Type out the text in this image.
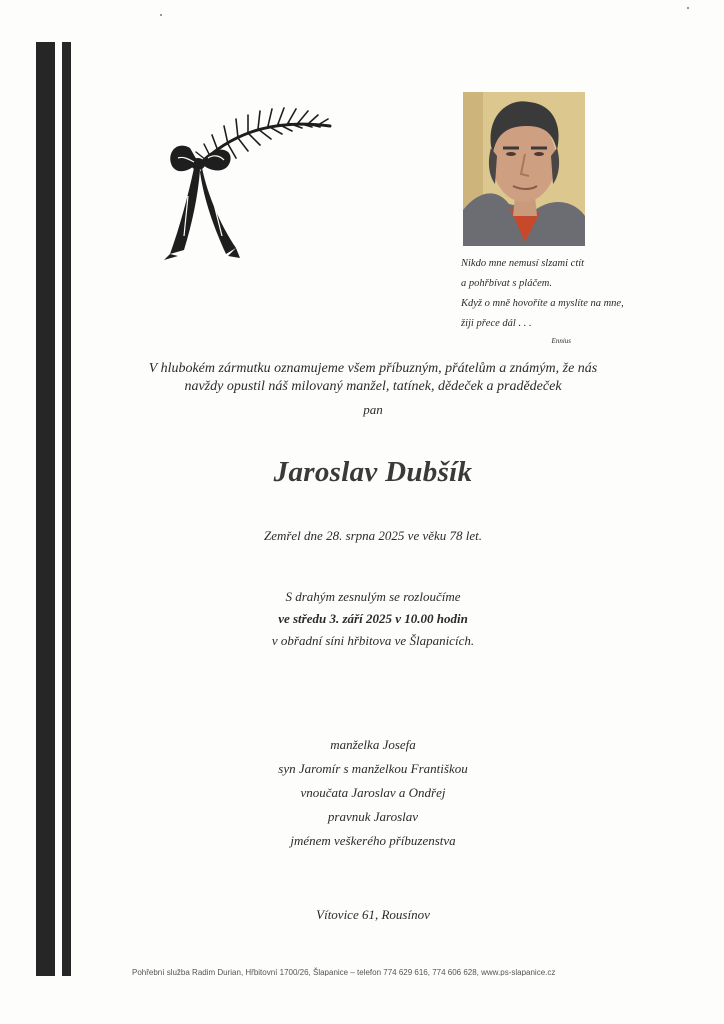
Nikdo mne nemusí slzami ctít
a pohřbívat s pláčem.
Když o mně hovoříte a myslíte na mne,
žiji přece dál . . .
Ennius
V hlubokém zármutku oznamujeme všem příbuzným, přátelům a známým, že nás
navždy opustil náš milovaný manžel, tatínek, dědeček a pradědeček
pan
Jaroslav Dubšík
Zemřel dne 28. srpna 2025 ve věku 78 let.
S drahým zesnulým se rozloučíme
ve středu 3. září 2025 v 10.00 hodin
v obřadní síni hřbitova ve Šlapanicích.
manželka Josefa
syn Jaromír s manželkou Františkou
vnoučata Jaroslav a Ondřej
pravnuk Jaroslav
jménem veškerého příbuzenstva
Vítovice 61, Rousínov
Pohřební služba Radim Durian, Hřbitovní 1700/26, Šlapanice – telefon 774 629 616, 774 606 628, www.ps-slapanice.cz
